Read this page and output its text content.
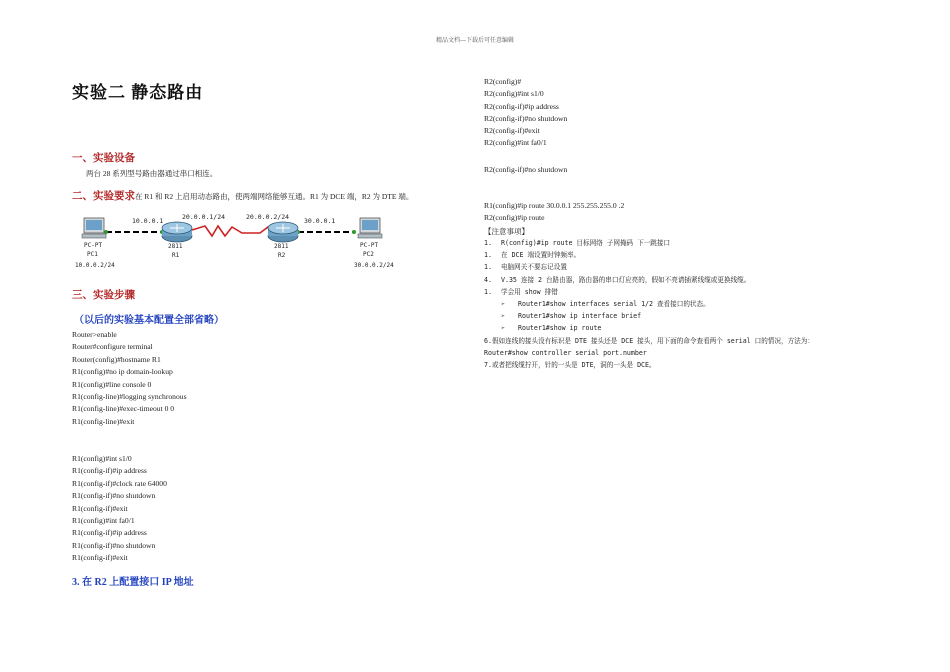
精品文档---下载后可任意编辑
实验二 静态路由
一、实验设备
两台 28 系列型号路由器通过串口相连。
二、实验要求在 R1 和 R2 上启用动态路由，使两端网络能够互通。R1 为 DCE 端，R2 为 DTE 端。
10.0.0.1	20.0.0.1/24	20.0.0.2/24 30.0.0.1
PC-PT
PC1
10.0.0.2/24
2811
R1
2811
R2
PC-PT
PC2
30.0.0.2/24
三、实验步骤
（以后的实验基本配置全部省略）
Router>enable
Router#configure terminal
Router(config)#hostname R1
R1(config)#no ip domain-lookup
R1(config)#line console 0
R1(config-line)#logging synchronous
R1(config-line)#exec-timeout 0 0
R1(config-line)#exit
R1(config)#int s1/0
R1(config-if)#ip address
R1(config-if)#clock rate 64000
R1(config-if)#no shutdown
R1(config-if)#exit
R1(config)#int fa0/1
R1(config-if)#ip address
R1(config-if)#no shutdown
R1(config-if)#exit
3. 在 R2 上配置接口 IP 地址
R2(config)#
R2(config)#int s1/0
R2(config-if)#ip address
R2(config-if)#no shutdown
R2(config-if)#exit
R2(config)#int fa0/1
R2(config-if)#no shutdown
R1(config)#ip route 30.0.0.1 255.255.255.0 .2
R2(config)#ip route
【注意事项】
1. R(config)#ip route 目标网络 子网掩码 下一跳接口
1. 在 DCE 端设置时钟频率。
1. 电脑网关不要忘记设置
4. V.35 连接 2 台路由器，路由器的串口灯应亮的，假如不亮请插紧线缆或更换线缆。
1. 学会用 show 排错
➢ Router1#show interfaces serial 1/2 查看接口的状态。
➢ Router1#show ip interface brief
➢ Router1#show ip route
6.假如连线的接头没有标识是 DTE 接头还是 DCE 接头，用下面的命令查看两个 serial 口的情况，方法为：
Router#show controller serial port.number
7.或者把线缆拧开，针的一头是 DTE，洞的一头是 DCE。
